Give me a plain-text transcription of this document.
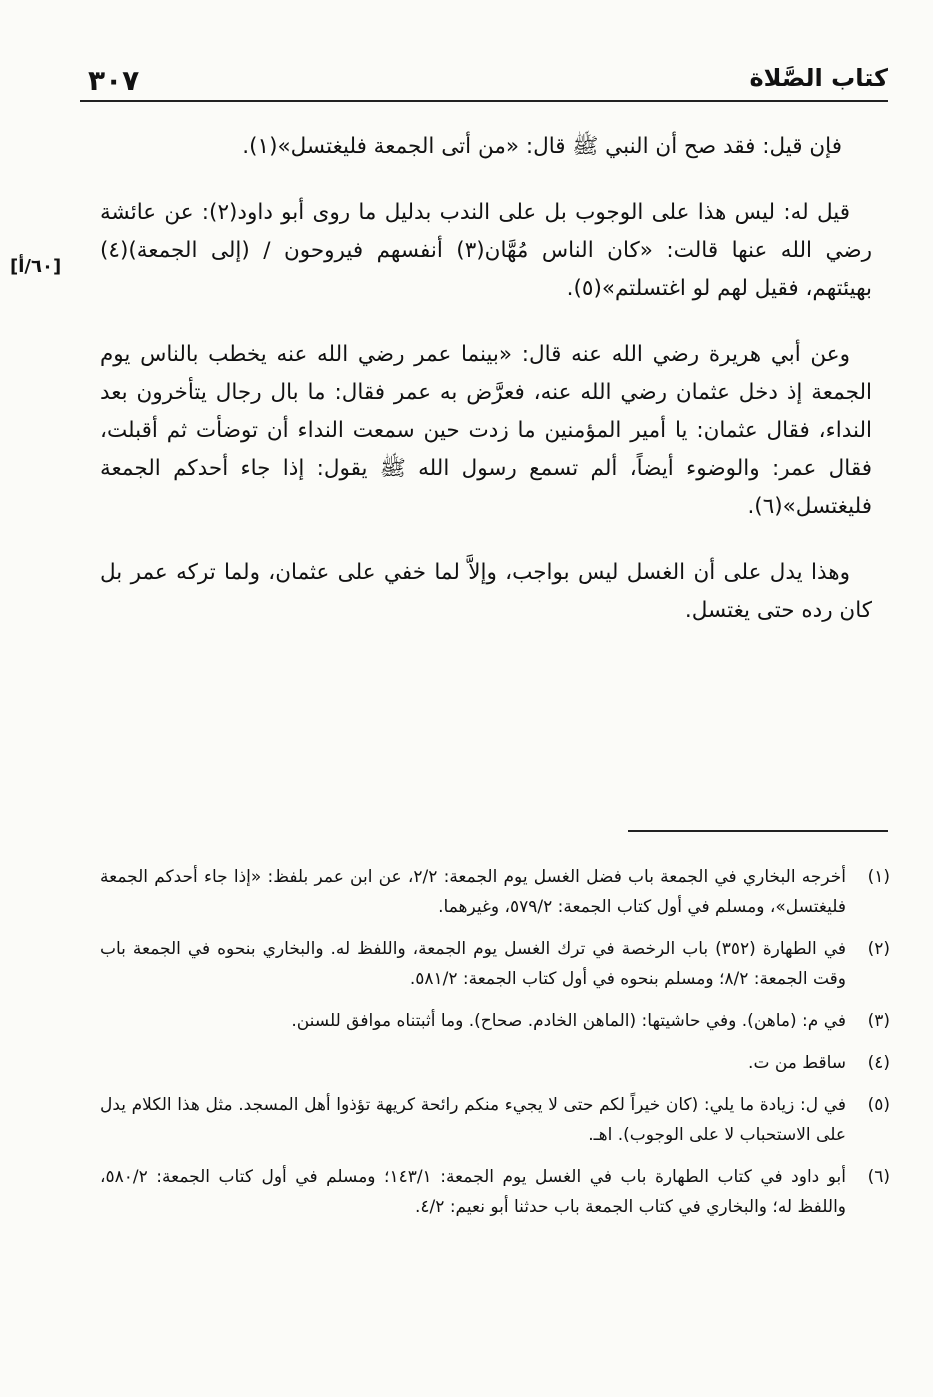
٣٠٧	كتاب الصَّلاة
[٦٠/أ]

فإن قيل: فقد صح أن النبي ﷺ قال: «من أتى الجمعة فليغتسل»(١).

قيل له: ليس هذا على الوجوب بل على الندب بدليل ما روى أبو داود(٢): عن عائشة رضي الله عنها قالت: «كان الناس مُهَّان(٣) أنفسهم فيروحون / (إلى الجمعة)(٤) بهيئتهم، فقيل لهم لو اغتسلتم»(٥).

وعن أبي هريرة رضي الله عنه قال: «بينما عمر رضي الله عنه يخطب بالناس يوم الجمعة إذ دخل عثمان رضي الله عنه، فعرَّض به عمر فقال: ما بال رجال يتأخرون بعد النداء، فقال عثمان: يا أمير المؤمنين ما زدت حين سمعت النداء أن توضأت ثم أقبلت، فقال عمر: والوضوء أيضاً، ألم تسمع رسول الله ﷺ يقول: إذا جاء أحدكم الجمعة فليغتسل»(٦).

وهذا يدل على أن الغسل ليس بواجب، وإلاَّ لما خفي على عثمان، ولما تركه عمر بل كان رده حتى يغتسل.

(١)
أخرجه البخاري في الجمعة باب فضل الغسل يوم الجمعة: ٢/٢، عن ابن عمر بلفظ: «إذا جاء أحدكم الجمعة فليغتسل»، ومسلم في أول كتاب الجمعة: ٥٧٩/٢، وغيرهما.
(٢)
في الطهارة (٣٥٢) باب الرخصة في ترك الغسل يوم الجمعة، واللفظ له. والبخاري بنحوه في الجمعة باب وقت الجمعة: ٨/٢؛ ومسلم بنحوه في أول كتاب الجمعة: ٥٨١/٢.
(٣)
في م: (ماهن). وفي حاشيتها: (الماهن الخادم. صحاح). وما أثبتناه موافق للسنن.
(٤)
ساقط من ت.
(٥)
في ل: زيادة ما يلي: (كان خيراً لكم حتى لا يجيء منكم رائحة كريهة تؤذوا أهل المسجد. مثل هذا الكلام يدل على الاستحباب لا على الوجوب). اهـ.
(٦)
أبو داود في كتاب الطهارة باب في الغسل يوم الجمعة: ١٤٣/١؛ ومسلم في أول كتاب الجمعة: ٥٨٠/٢، واللفظ له؛ والبخاري في كتاب الجمعة باب حدثنا أبو نعيم: ٤/٢.
